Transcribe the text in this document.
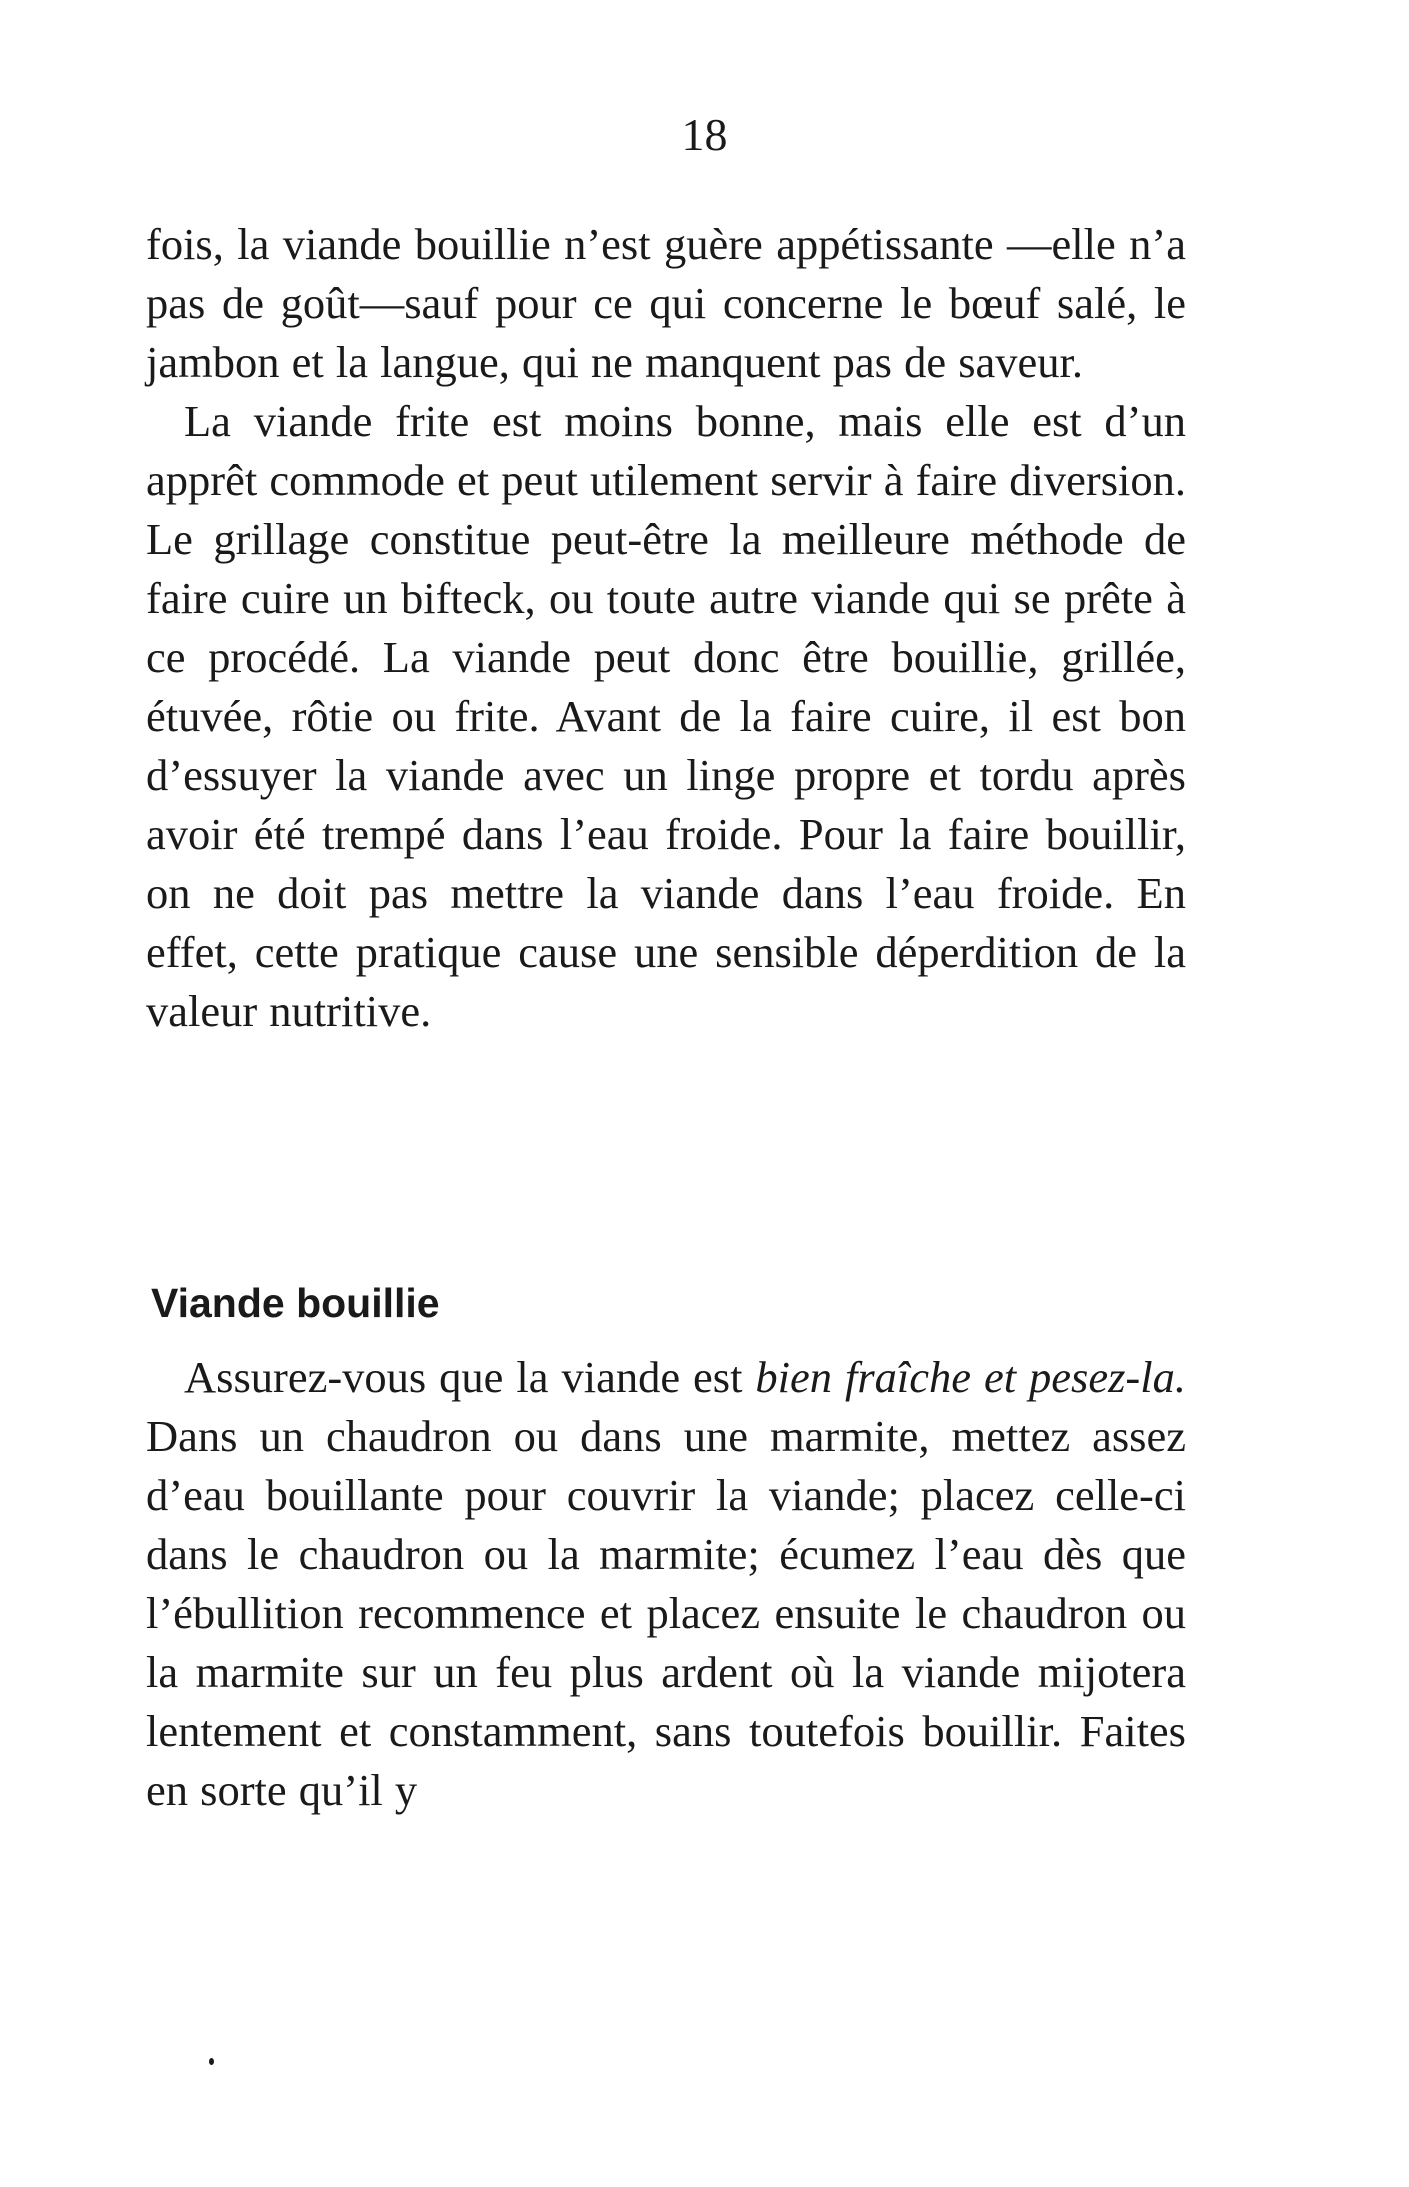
18

fois, la viande bouillie n’est guère appétissante —elle n’a pas de goût—sauf pour ce qui concerne le bœuf salé, le jambon et la langue, qui ne manquent pas de saveur.

La viande frite est moins bonne, mais elle est d’un apprêt commode et peut utilement servir à faire diversion. Le grillage constitue peut-être la meilleure méthode de faire cuire un bifteck, ou toute autre viande qui se prête à ce procédé. La viande peut donc être bouillie, grillée, étuvée, rôtie ou frite. Avant de la faire cuire, il est bon d’essuyer la viande avec un linge propre et tordu après avoir été trempé dans l’eau froide. Pour la faire bouillir, on ne doit pas mettre la viande dans l’eau froide. En effet, cette pratique cause une sensible déperdition de la valeur nutritive.

Viande bouillie

Assurez-vous que la viande est bien fraîche et pesez-la. Dans un chaudron ou dans une marmite, mettez assez d’eau bouillante pour couvrir la viande; placez celle-ci dans le chaudron ou la marmite; écumez l’eau dès que l’ébullition recommence et placez ensuite le chaudron ou la marmite sur un feu plus ardent où la viande mijotera lentement et constamment, sans toutefois bouillir. Faites en sorte qu’il y
